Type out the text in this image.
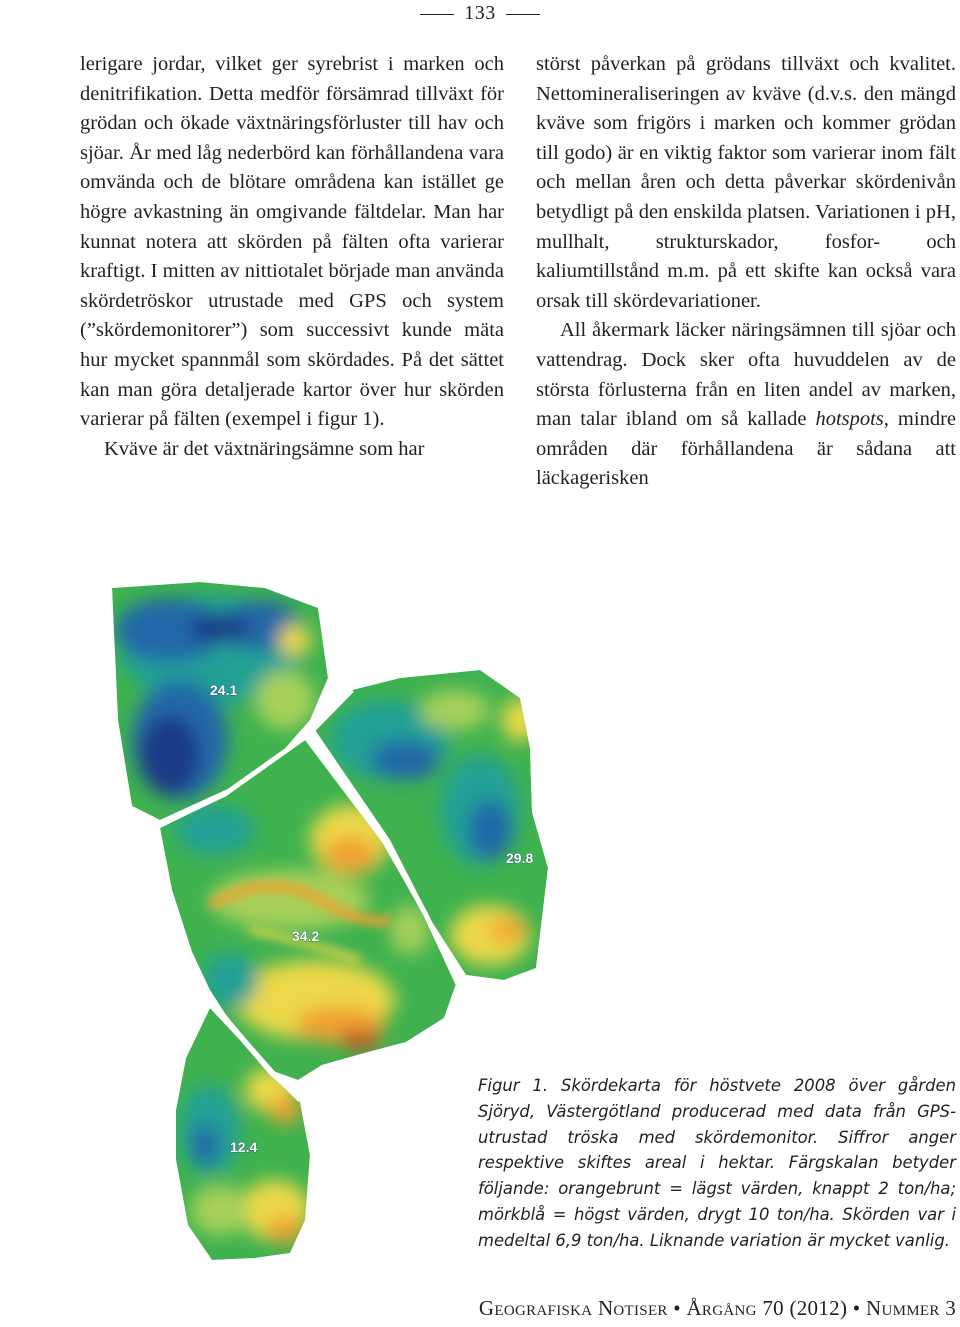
133

lerigare jordar, vilket ger syrebrist i marken och denitrifikation. Detta medför försämrad tillväxt för grödan och ökade växtnäringsförluster till hav och sjöar. År med låg nederbörd kan förhållandena vara omvända och de blötare områdena kan istället ge högre avkastning än omgivande fältdelar. Man har kunnat notera att skörden på fälten ofta varierar kraftigt. I mitten av nittiotalet började man använda skördetröskor utrustade med GPS och system (”skördemonitorer”) som successivt kunde mäta hur mycket spannmål som skördades. På det sättet kan man göra detaljerade kartor över hur skörden varierar på fälten (exempel i figur 1).

Kväve är det växtnäringsämne som har

störst påverkan på grödans tillväxt och kvalitet. Nettomineraliseringen av kväve (d.v.s. den mängd kväve som frigörs i marken och kommer grödan till godo) är en viktig faktor som varierar inom fält och mellan åren och detta påverkar skördenivån betydligt på den enskilda platsen. Variationen i pH, mullhalt, strukturskador, fosfor- och kaliumtillstånd m.m. på ett skifte kan också vara orsak till skördevariationer.

All åkermark läcker näringsämnen till sjöar och vattendrag. Dock sker ofta huvuddelen av de största förlusterna från en liten andel av marken, man talar ibland om så kallade hotspots, mindre områden där förhållandena är sådana att läckagerisken

24.1
29.8
34.2
12.4
Figur 1. Skördekarta för höstvete 2008 över gården Sjöryd, Västergötland producerad med data från GPS-utrustad tröska med skördemonitor. Siffror anger respektive skiftes areal i hektar. Färgskalan betyder följande: orangebrunt = lägst värden, knappt 2 ton/ha; mörkblå = högst värden, drygt 10 ton/ha. Skörden var i medeltal 6,9 ton/ha. Liknande variation är mycket vanlig.
Geografiska Notiser • Årgång 70 (2012) • Nummer 3
